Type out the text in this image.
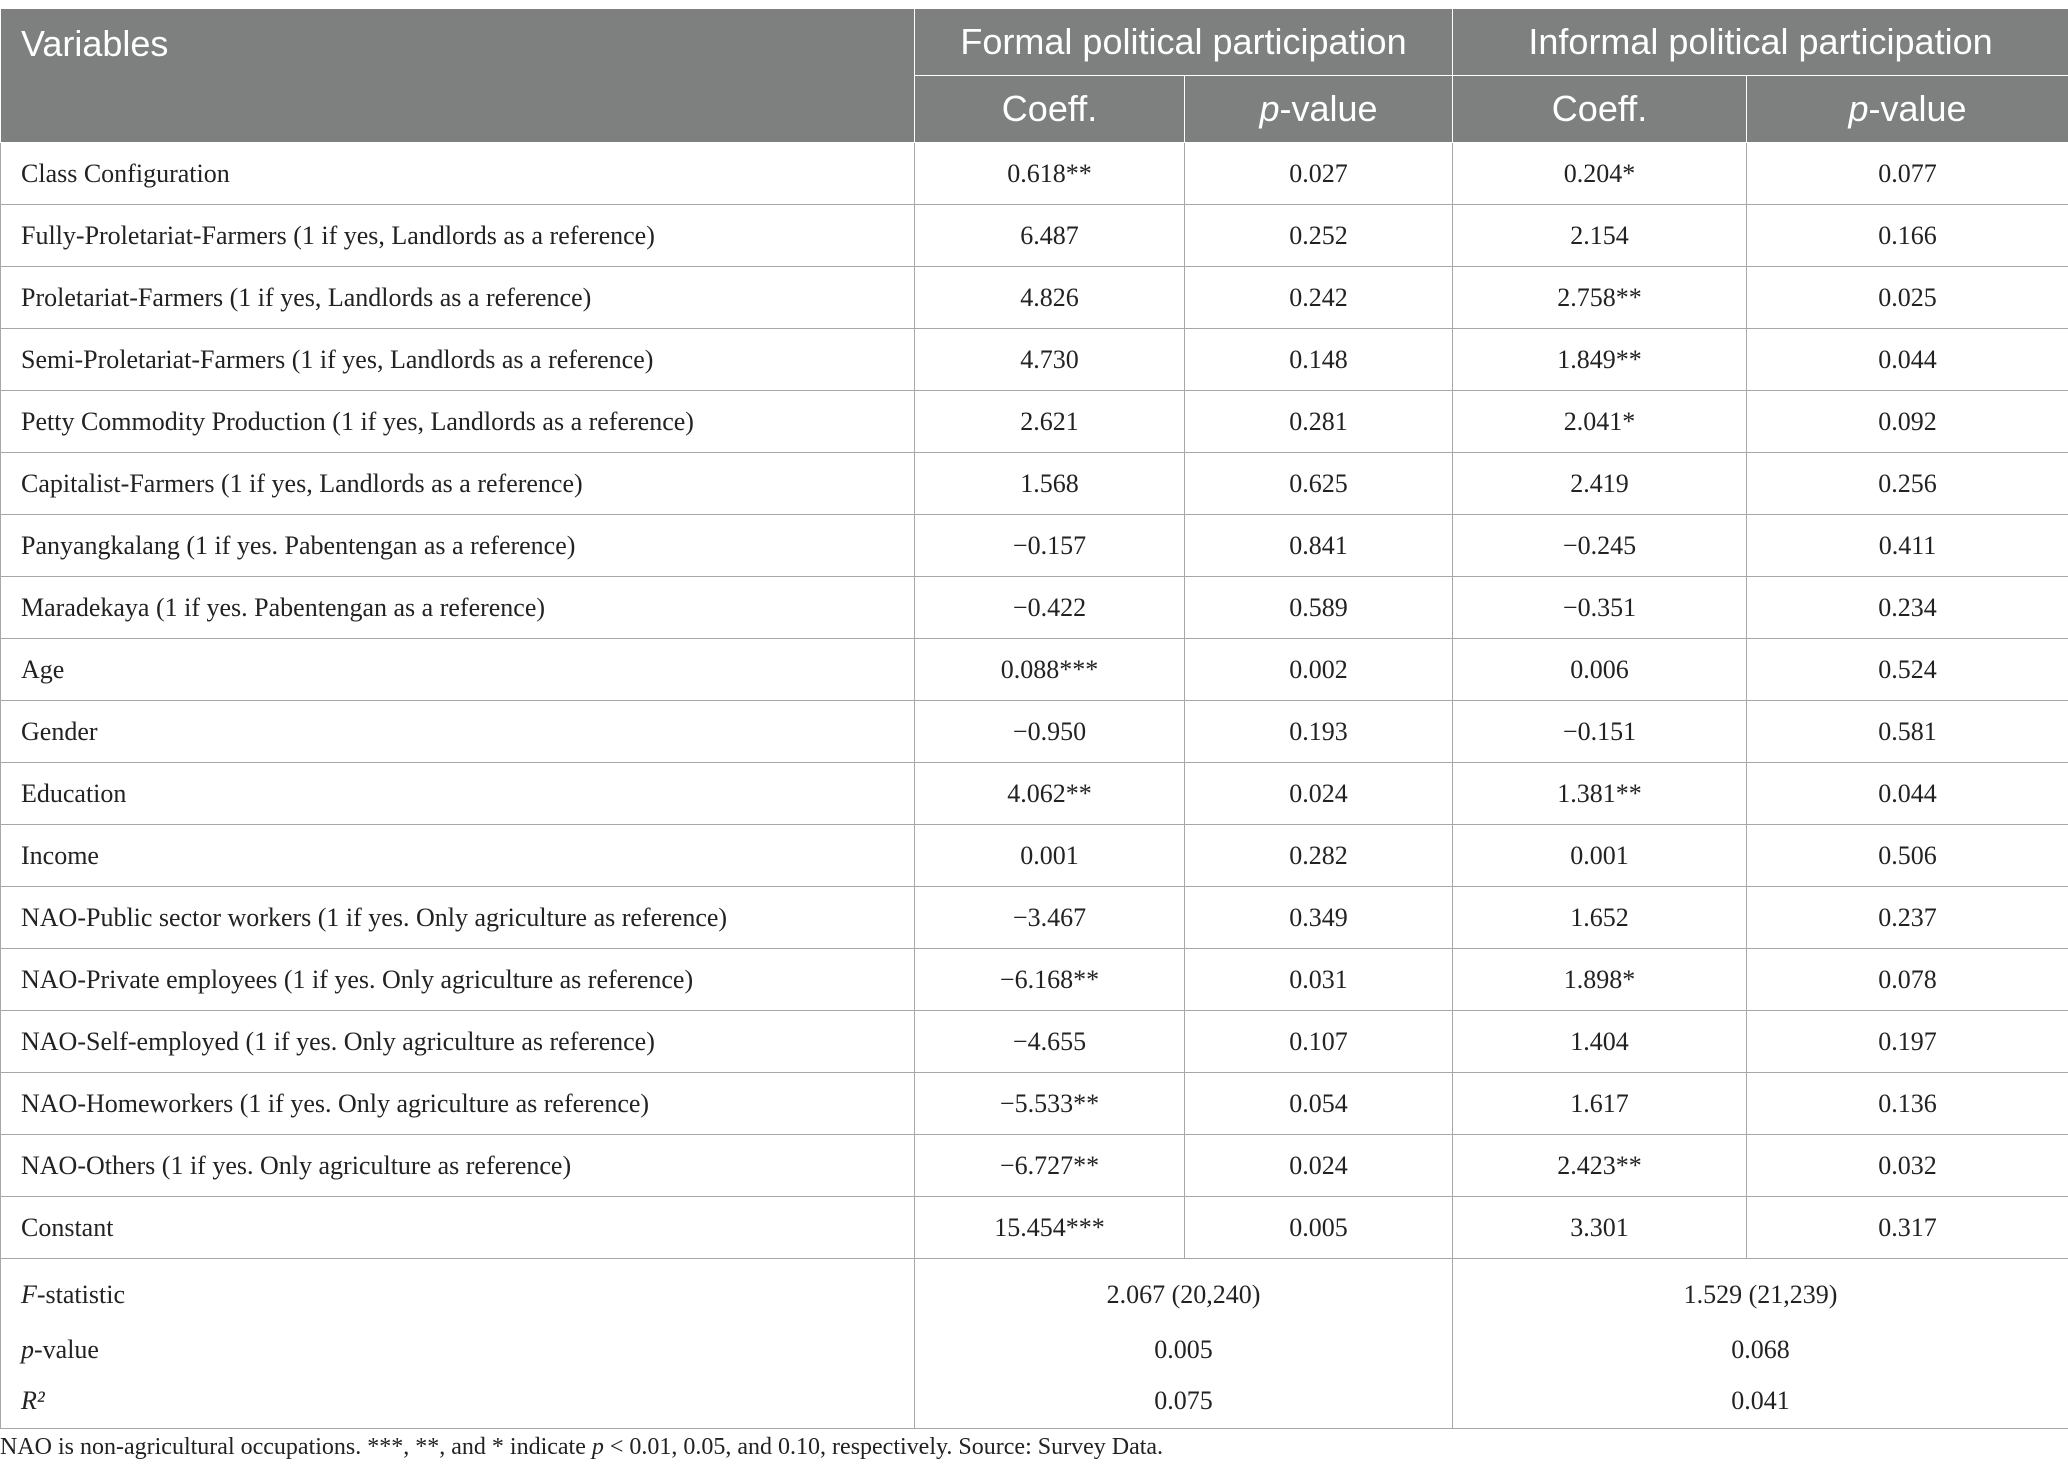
Variables	Formal political participation		Informal political participation	
	Coeff.	p-value	Coeff.	p-value
Class Configuration	0.618**	0.027	0.204*	0.077
Fully-Proletariat-Farmers (1 if yes, Landlords as a reference)	6.487	0.252	2.154	0.166
Proletariat-Farmers (1 if yes, Landlords as a reference)	4.826	0.242	2.758**	0.025
Semi-Proletariat-Farmers (1 if yes, Landlords as a reference)	4.730	0.148	1.849**	0.044
Petty Commodity Production (1 if yes, Landlords as a reference)	2.621	0.281	2.041*	0.092
Capitalist-Farmers (1 if yes, Landlords as a reference)	1.568	0.625	2.419	0.256
Panyangkalang (1 if yes. Pabentengan as a reference)	−0.157	0.841	−0.245	0.411
Maradekaya (1 if yes. Pabentengan as a reference)	−0.422	0.589	−0.351	0.234
Age	0.088***	0.002	0.006	0.524
Gender	−0.950	0.193	−0.151	0.581
Education	4.062**	0.024	1.381**	0.044
Income	0.001	0.282	0.001	0.506
NAO-Public sector workers (1 if yes. Only agriculture as reference)	−3.467	0.349	1.652	0.237
NAO-Private employees (1 if yes. Only agriculture as reference)	−6.168**	0.031	1.898*	0.078
NAO-Self-employed (1 if yes. Only agriculture as reference)	−4.655	0.107	1.404	0.197
NAO-Homeworkers (1 if yes. Only agriculture as reference)	−5.533**	0.054	1.617	0.136
NAO-Others (1 if yes. Only agriculture as reference)	−6.727**	0.024	2.423**	0.032
Constant	15.454***	0.005	3.301	0.317
F-statistic	2.067 (20,240)		1.529 (21,239)	
p-value	0.005		0.068	
R²	0.075		0.041	
NAO is non-agricultural occupations. ***, **, and * indicate p < 0.01, 0.05, and 0.10, respectively. Source: Survey Data.
